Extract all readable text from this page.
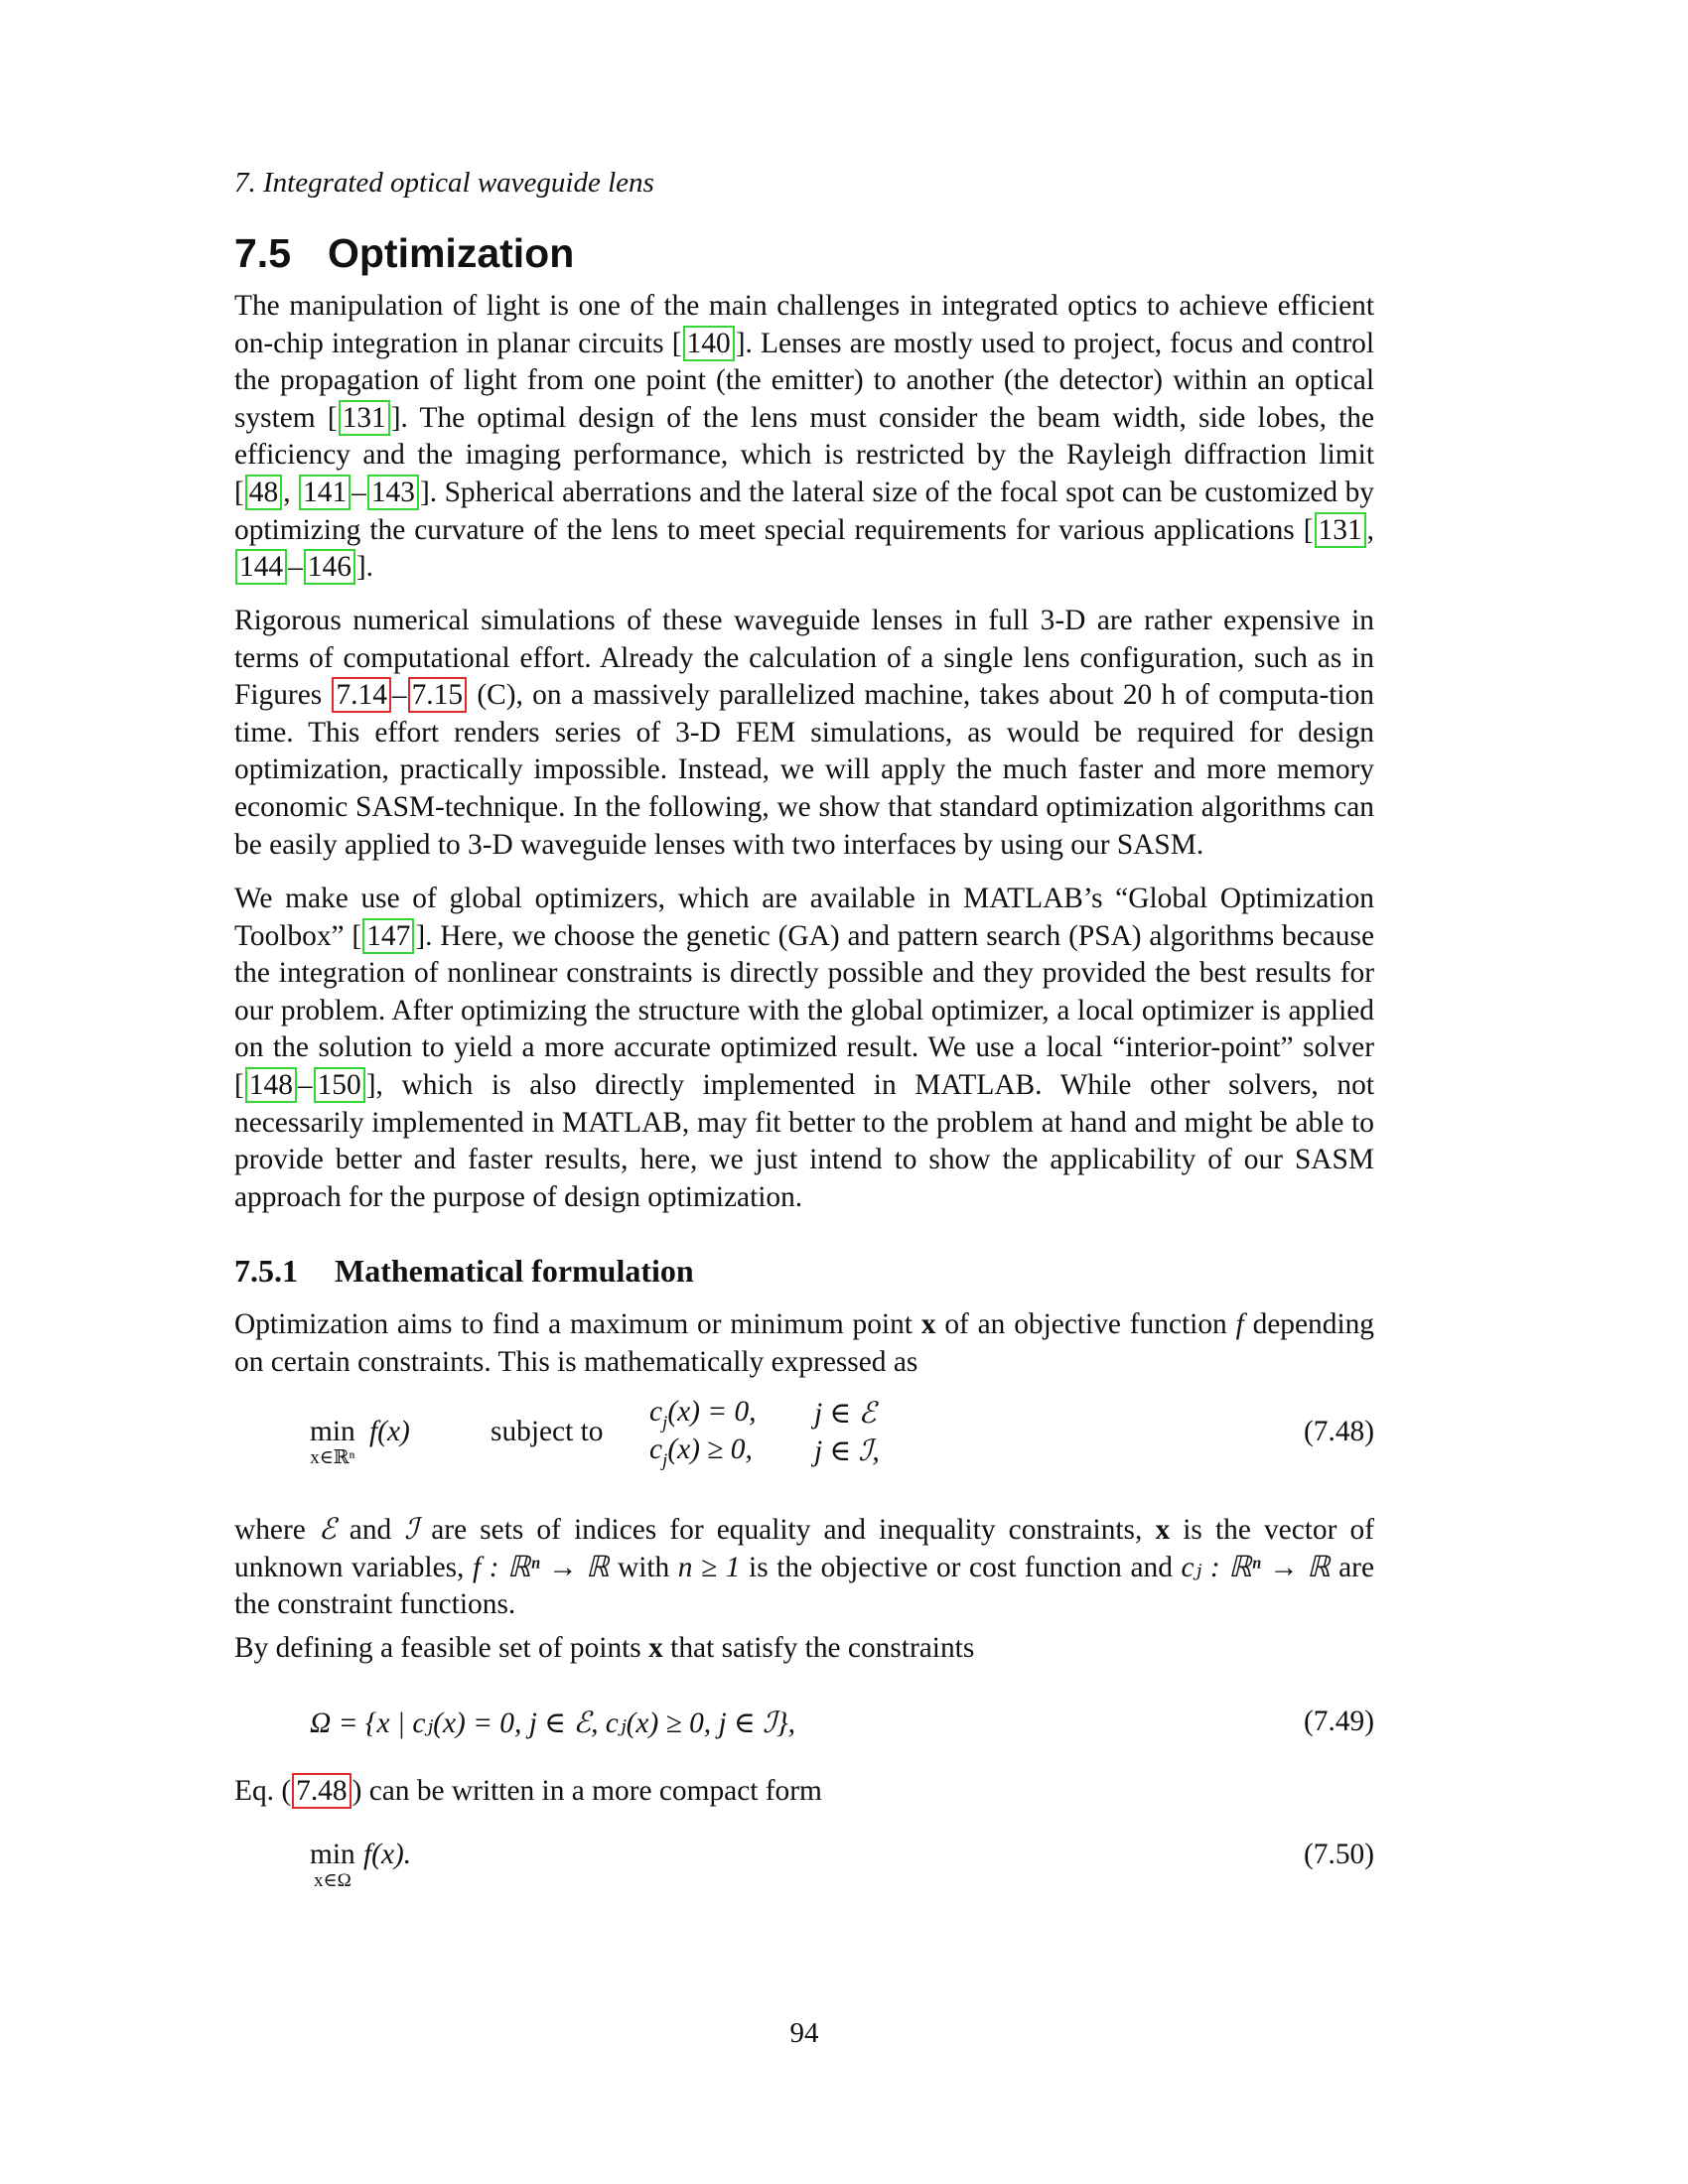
7. Integrated optical waveguide lens
7.5 Optimization

The manipulation of light is one of the main challenges in integrated optics to achieve efficient on-chip integration in planar circuits [ 140 ]. Lenses are mostly used to project, focus and control the propagation of light from one point (the emitter) to another (the detector) within an optical system [ 131 ]. The optimal design of the lens must consider the beam width, side lobes, the efficiency and the imaging performance, which is restricted by the Rayleigh diffraction limit [ 48 , 141 – 143 ]. Spherical aberrations and the lateral size of the focal spot can be customized by optimizing the curvature of the lens to meet special requirements for various applications [ 131 , 144 – 146 ].

Rigorous numerical simulations of these waveguide lenses in full 3-D are rather expensive in terms of computational effort. Already the calculation of a single lens configuration, such as in Figures 7.14 – 7.15 (C), on a massively parallelized machine, takes about 20 h of computa-tion time. This effort renders series of 3-D FEM simulations, as would be required for design optimization, practically impossible. Instead, we will apply the much faster and more memory economic SASM-technique. In the following, we show that standard optimization algorithms can be easily applied to 3-D waveguide lenses with two interfaces by using our SASM.

We make use of global optimizers, which are available in MATLAB’s “Global Optimization Toolbox” [ 147 ]. Here, we choose the genetic (GA) and pattern search (PSA) algorithms because the integration of nonlinear constraints is directly possible and they provided the best results for our problem. After optimizing the structure with the global optimizer, a local optimizer is applied on the solution to yield a more accurate optimized result. We use a local “interior-point” solver [ 148 – 150 ], which is also directly implemented in MATLAB. While other solvers, not necessarily implemented in MATLAB, may fit better to the problem at hand and might be able to provide better and faster results, here, we just intend to show the applicability of our SASM approach for the purpose of design optimization.

7.5.1 Mathematical formulation

Optimization aims to find a maximum or minimum point x of an objective function f depending on certain constraints. This is mathematically expressed as

min
x∈ℝⁿ
f(x)	subject to
$c_j(x) = 0$, j ∈ ℰ
$c_j(x) \ge 0$, j ∈ ℐ,
(7.48)

where ℰ and ℐ are sets of indices for equality and inequality constraints, x is the vector of unknown variables, f : ℝⁿ → ℝ with n ≥ 1 is the objective or cost function and cⱼ : ℝⁿ → ℝ are the constraint functions.

By defining a feasible set of points x that satisfy the constraints

Ω = {x | cⱼ(x) = 0, j ∈ ℰ, cⱼ(x) ≥ 0, j ∈ ℐ},	(7.49)

Eq. ( 7.48 ) can be written in a more compact form

min
x∈Ω
f(x).	(7.50)
94
